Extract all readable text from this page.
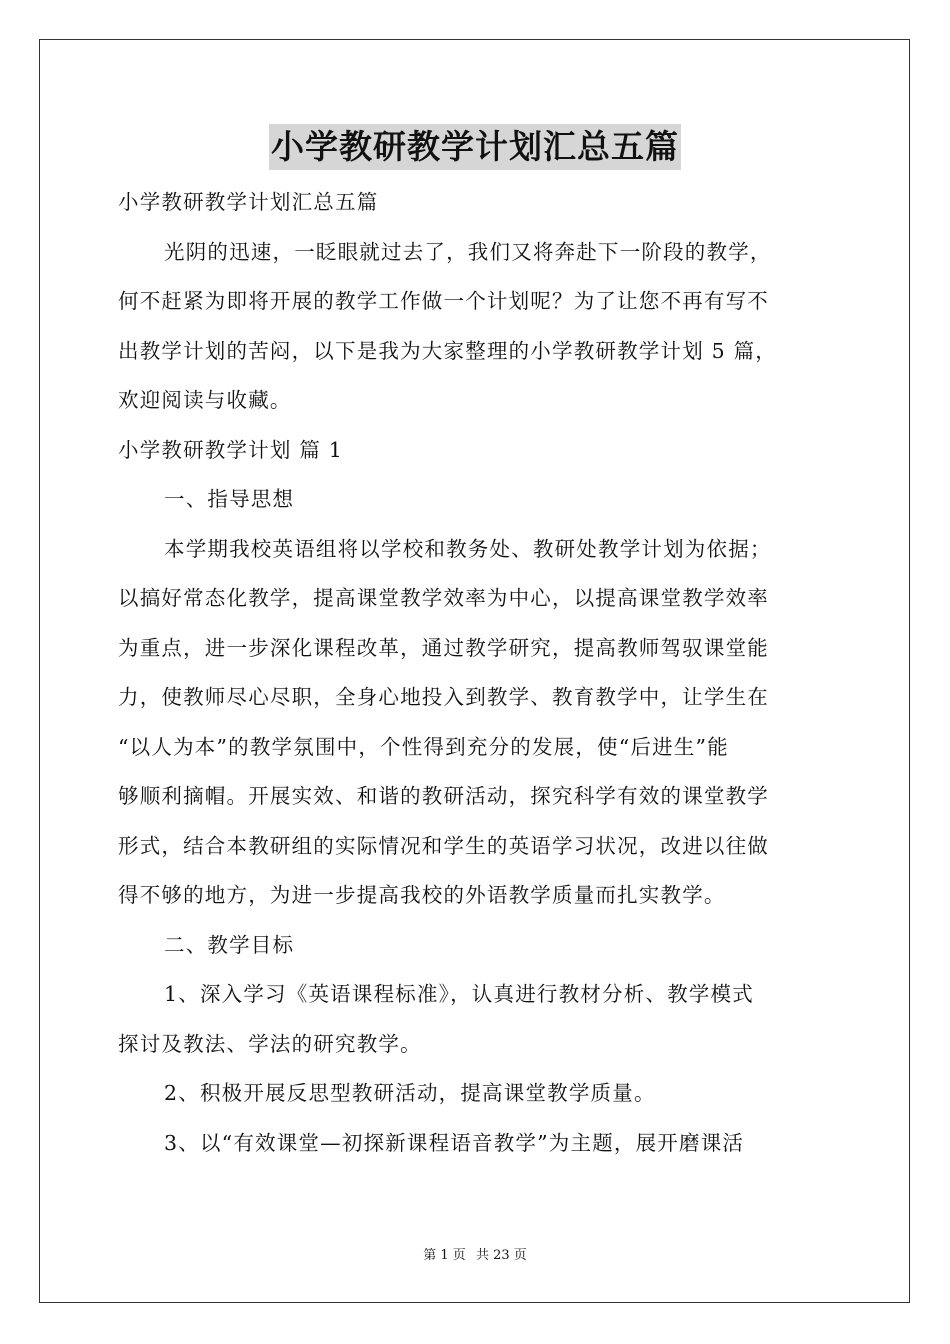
小学教研教学计划汇总五篇
小学教研教学计划汇总五篇
光阴的迅速，一眨眼就过去了，我们又将奔赴下一阶段的教学，
何不赶紧为即将开展的教学工作做一个计划呢？为了让您不再有写不
出教学计划的苦闷，以下是我为大家整理的小学教研教学计划 5 篇，
欢迎阅读与收藏。
小学教研教学计划 篇 1
一、指导思想
本学期我校英语组将以学校和教务处、教研处教学计划为依据；
以搞好常态化教学，提高课堂教学效率为中心，以提高课堂教学效率
为重点，进一步深化课程改革，通过教学研究，提高教师驾驭课堂能
力，使教师尽心尽职，全身心地投入到教学、教育教学中，让学生在
“以人为本”的教学氛围中，个性得到充分的发展，使“后进生”能
够顺利摘帽。开展实效、和谐的教研活动，探究科学有效的课堂教学
形式，结合本教研组的实际情况和学生的英语学习状况，改进以往做
得不够的地方，为进一步提高我校的外语教学质量而扎实教学。
二、教学目标
1、深入学习《英语课程标准》，认真进行教材分析、教学模式
探讨及教法、学法的研究教学。
2、积极开展反思型教研活动，提高课堂教学质量。
3、以“有效课堂—初探新课程语音教学”为主题，展开磨课活
第 1 页 共 23 页
